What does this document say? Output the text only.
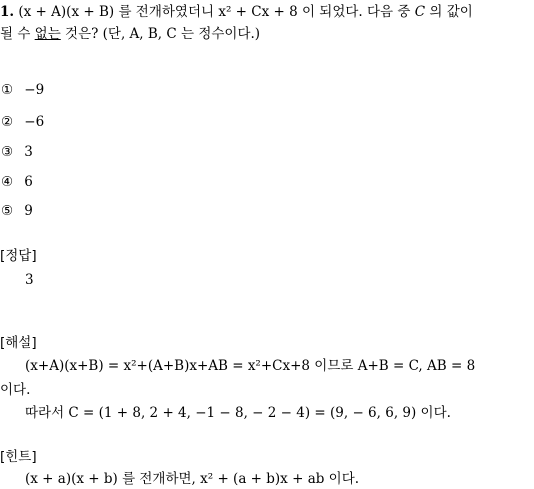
1. (x + A)(x + B) 를 전개하였더니 x² + Cx + 8 이 되었다. 다음 중 C 의 값이
될 수 없는 것은? (단, A, B, C 는 정수이다.)
① −9
② −6
③ 3
④ 6
⑤ 9
[정답]
3
[해설]
(x+A)(x+B) = x²+(A+B)x+AB = x²+Cx+8 이므로 A+B = C, AB = 8
이다.
따라서 C = (1 + 8, 2 + 4, −1 − 8, − 2 − 4) = (9, − 6, 6, 9) 이다.
[힌트]
(x + a)(x + b) 를 전개하면, x² + (a + b)x + ab 이다.
